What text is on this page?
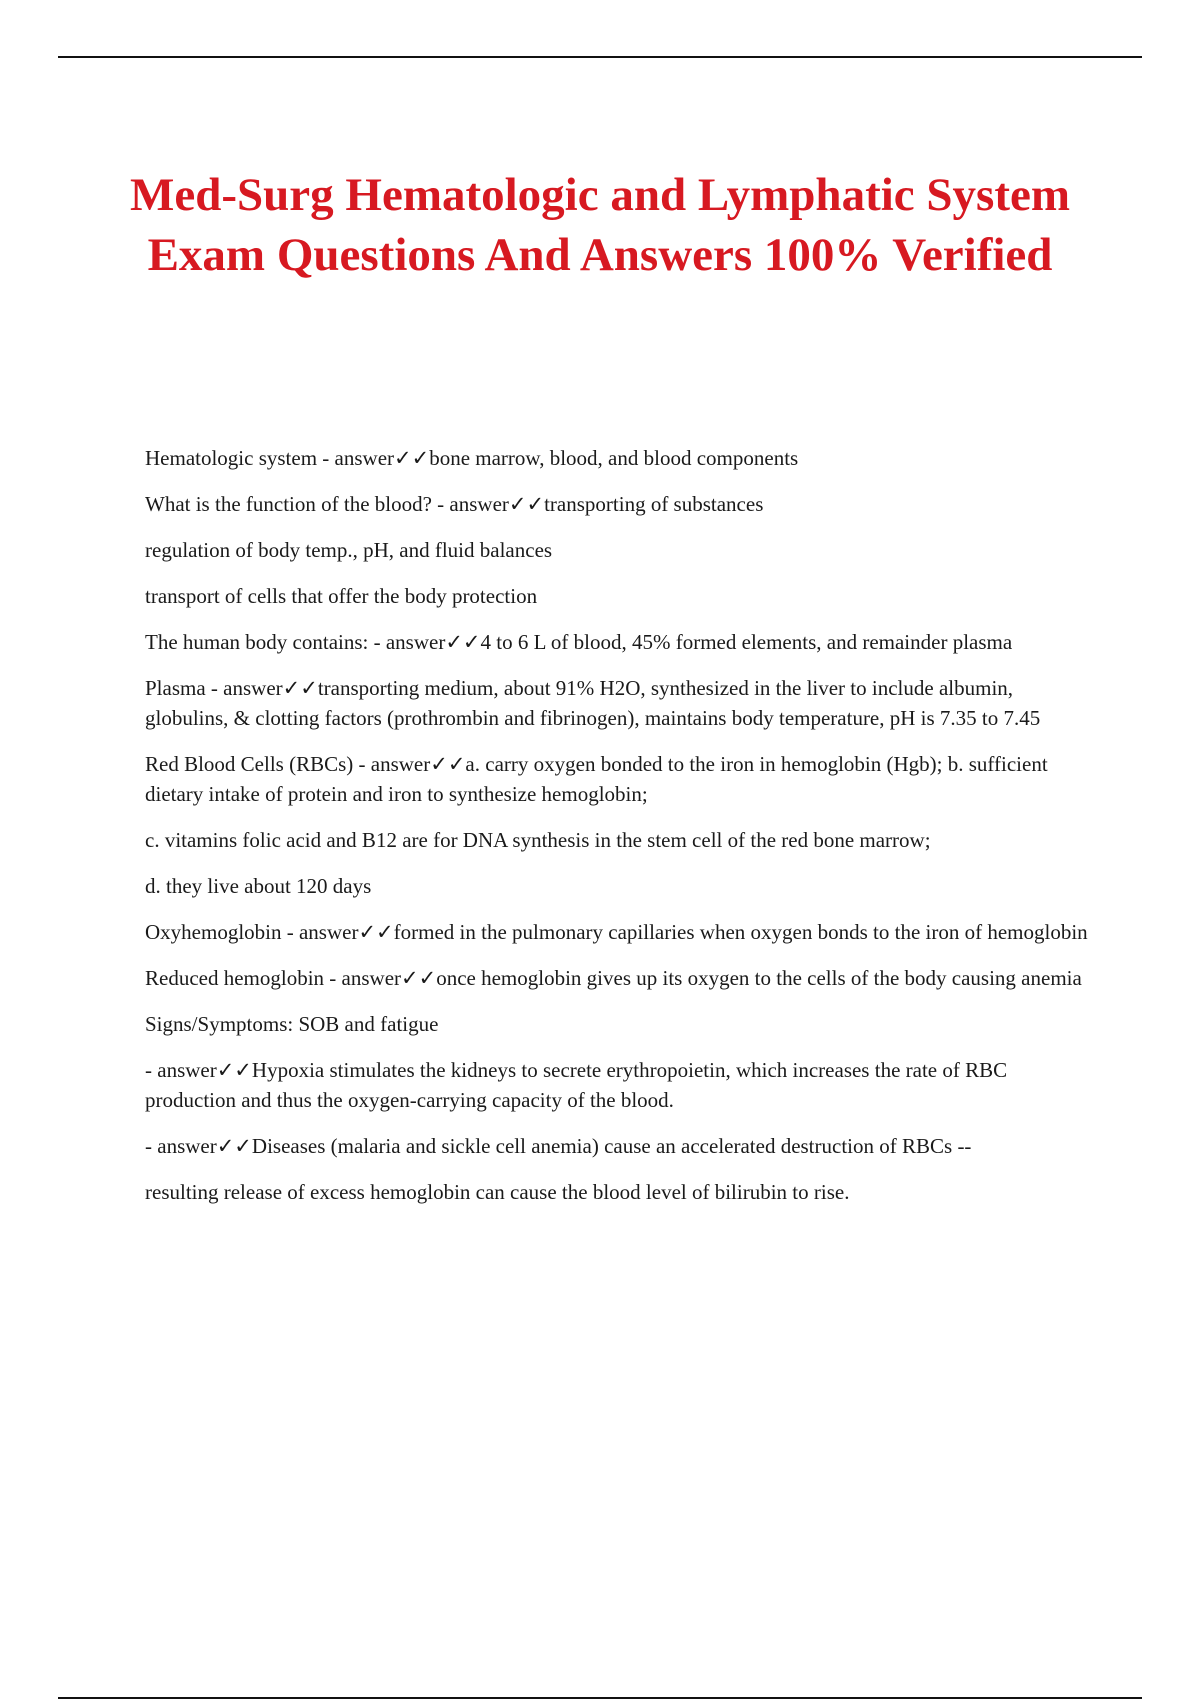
Med-Surg Hematologic and Lymphatic System Exam Questions And Answers 100% Verified

Hematologic system - answer✓✓bone marrow, blood, and blood components

What is the function of the blood? - answer✓✓transporting of substances

regulation of body temp., pH, and fluid balances

transport of cells that offer the body protection

The human body contains: - answer✓✓4 to 6 L of blood, 45% formed elements, and remainder plasma

Plasma - answer✓✓transporting medium, about 91% H2O, synthesized in the liver to include albumin, globulins, & clotting factors (prothrombin and fibrinogen), maintains body temperature, pH is 7.35 to 7.45

Red Blood Cells (RBCs) - answer✓✓a. carry oxygen bonded to the iron in hemoglobin (Hgb); b. sufficient dietary intake of protein and iron to synthesize hemoglobin;

c. vitamins folic acid and B12 are for DNA synthesis in the stem cell of the red bone marrow;

d. they live about 120 days

Oxyhemoglobin - answer✓✓formed in the pulmonary capillaries when oxygen bonds to the iron of hemoglobin

Reduced hemoglobin - answer✓✓once hemoglobin gives up its oxygen to the cells of the body causing anemia

Signs/Symptoms: SOB and fatigue

- answer✓✓Hypoxia stimulates the kidneys to secrete erythropoietin, which increases the rate of RBC production and thus the oxygen-carrying capacity of the blood.

- answer✓✓Diseases (malaria and sickle cell anemia) cause an accelerated destruction of RBCs --

resulting release of excess hemoglobin can cause the blood level of bilirubin to rise.
